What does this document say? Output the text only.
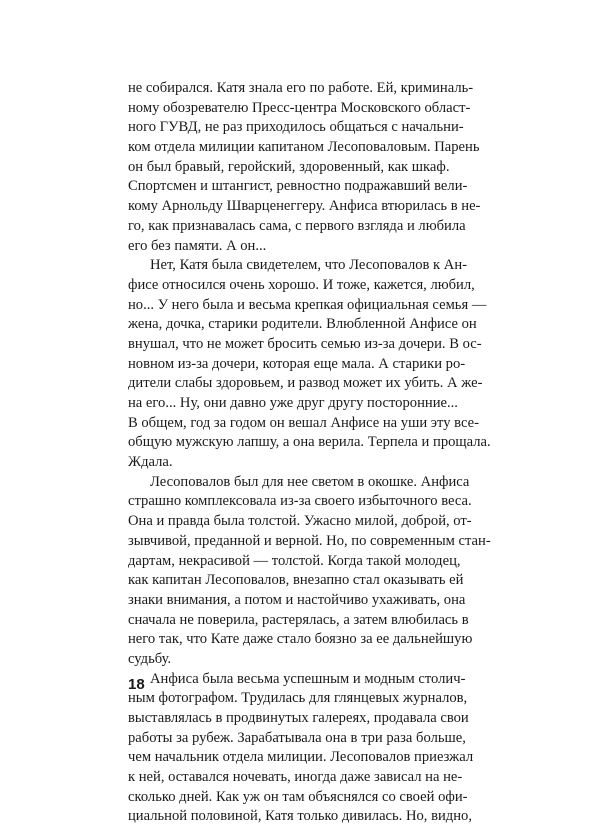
не собирался. Катя знала его по работе. Ей, криминаль-
ному обозревателю Пресс-центра Московского област-
ного ГУВД, не раз приходилось общаться с начальни-
ком отдела милиции капитаном Лесоповаловым. Парень
он был бравый, геройский, здоровенный, как шкаф.
Спортсмен и штангист, ревностно подражавший вели-
кому Арнольду Шварценеггеру. Анфиса втюрилась в не-
го, как признавалась сама, с первого взгляда и любила
его без памяти. А он...
Нет, Катя была свидетелем, что Лесоповалов к Ан-
фисе относился очень хорошо. И тоже, кажется, любил,
но... У него была и весьма крепкая официальная семья —
жена, дочка, старики родители. Влюбленной Анфисе он
внушал, что не может бросить семью из-за дочери. В ос-
новном из-за дочери, которая еще мала. А старики ро-
дители слабы здоровьем, и развод может их убить. А же-
на его... Ну, они давно уже друг другу посторонние...
В общем, год за годом он вешал Анфисе на уши эту все-
общую мужскую лапшу, а она верила. Терпела и прощала.
Ждала.
Лесоповалов был для нее светом в окошке. Анфиса
страшно комплексовала из-за своего избыточного веса.
Она и правда была толстой. Ужасно милой, доброй, от-
зывчивой, преданной и верной. Но, по современным стан-
дартам, некрасивой — толстой. Когда такой молодец,
как капитан Лесоповалов, внезапно стал оказывать ей
знаки внимания, а потом и настойчиво ухаживать, она
сначала не поверила, растерялась, а затем влюбилась в
него так, что Кате даже стало боязно за ее дальнейшую
судьбу.
Анфиса была весьма успешным и модным столич-
ным фотографом. Трудилась для глянцевых журналов,
выставлялась в продвинутых галереях, продавала свои
работы за рубеж. Зарабатывала она в три раза больше,
чем начальник отдела милиции. Лесоповалов приезжал
к ней, оставался ночевать, иногда даже зависал на не-
сколько дней. Как уж он там объяснялся со своей офи-
циальной половиной, Катя только дивилась. Но, видно,
18
